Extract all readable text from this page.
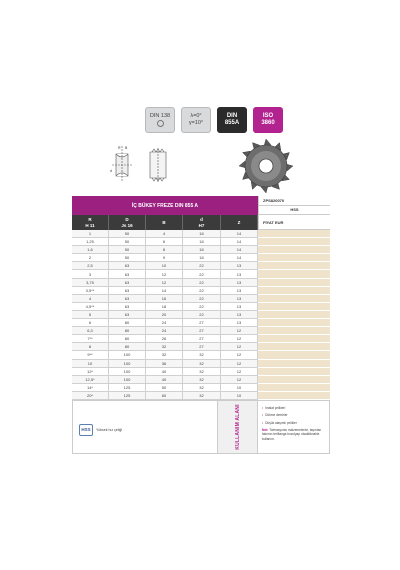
DIN 138	λ=0°
γ=10°
DIN
855A
ISO
3860
R B
d
İÇ BÜKEY FREZE DIN 855 A
ZPS820070
HSS
R
H 11
D
Js 16
B
d
H7
Z	FİYAT EUR
1	50	4	16	14
1,25	50	6	16	14
1,6	50	8	16	14
2	50	9	16	14
2,5	63	10	22	13
3	63	12	22	13
3,75	63	12	22	13
3,5**	63	14	22	13
4	63	16	22	13
4,5**	63	18	22	13
5	63	20	22	13
6	80	24	27	13
6,3	80	24	27	12
7**	80	26	27	12
8	80	32	27	12
9**	100	32	32	12
10	100	36	32	12
12*	100	40	32	12
12,5*	100	40	32	12
14*	125	50	32	10
20*	125	60	32	10
HSS	Yüksek hız çeliği	KULLANIM ALANI	• İmalat çelikleri
• Dökme demirler
• Düşük alaşımlı çelikler
Not: Tolerasyonlu malzemelerde, taşırılan takımın terlitanga bozulyap olsaktiknable kullanım.
